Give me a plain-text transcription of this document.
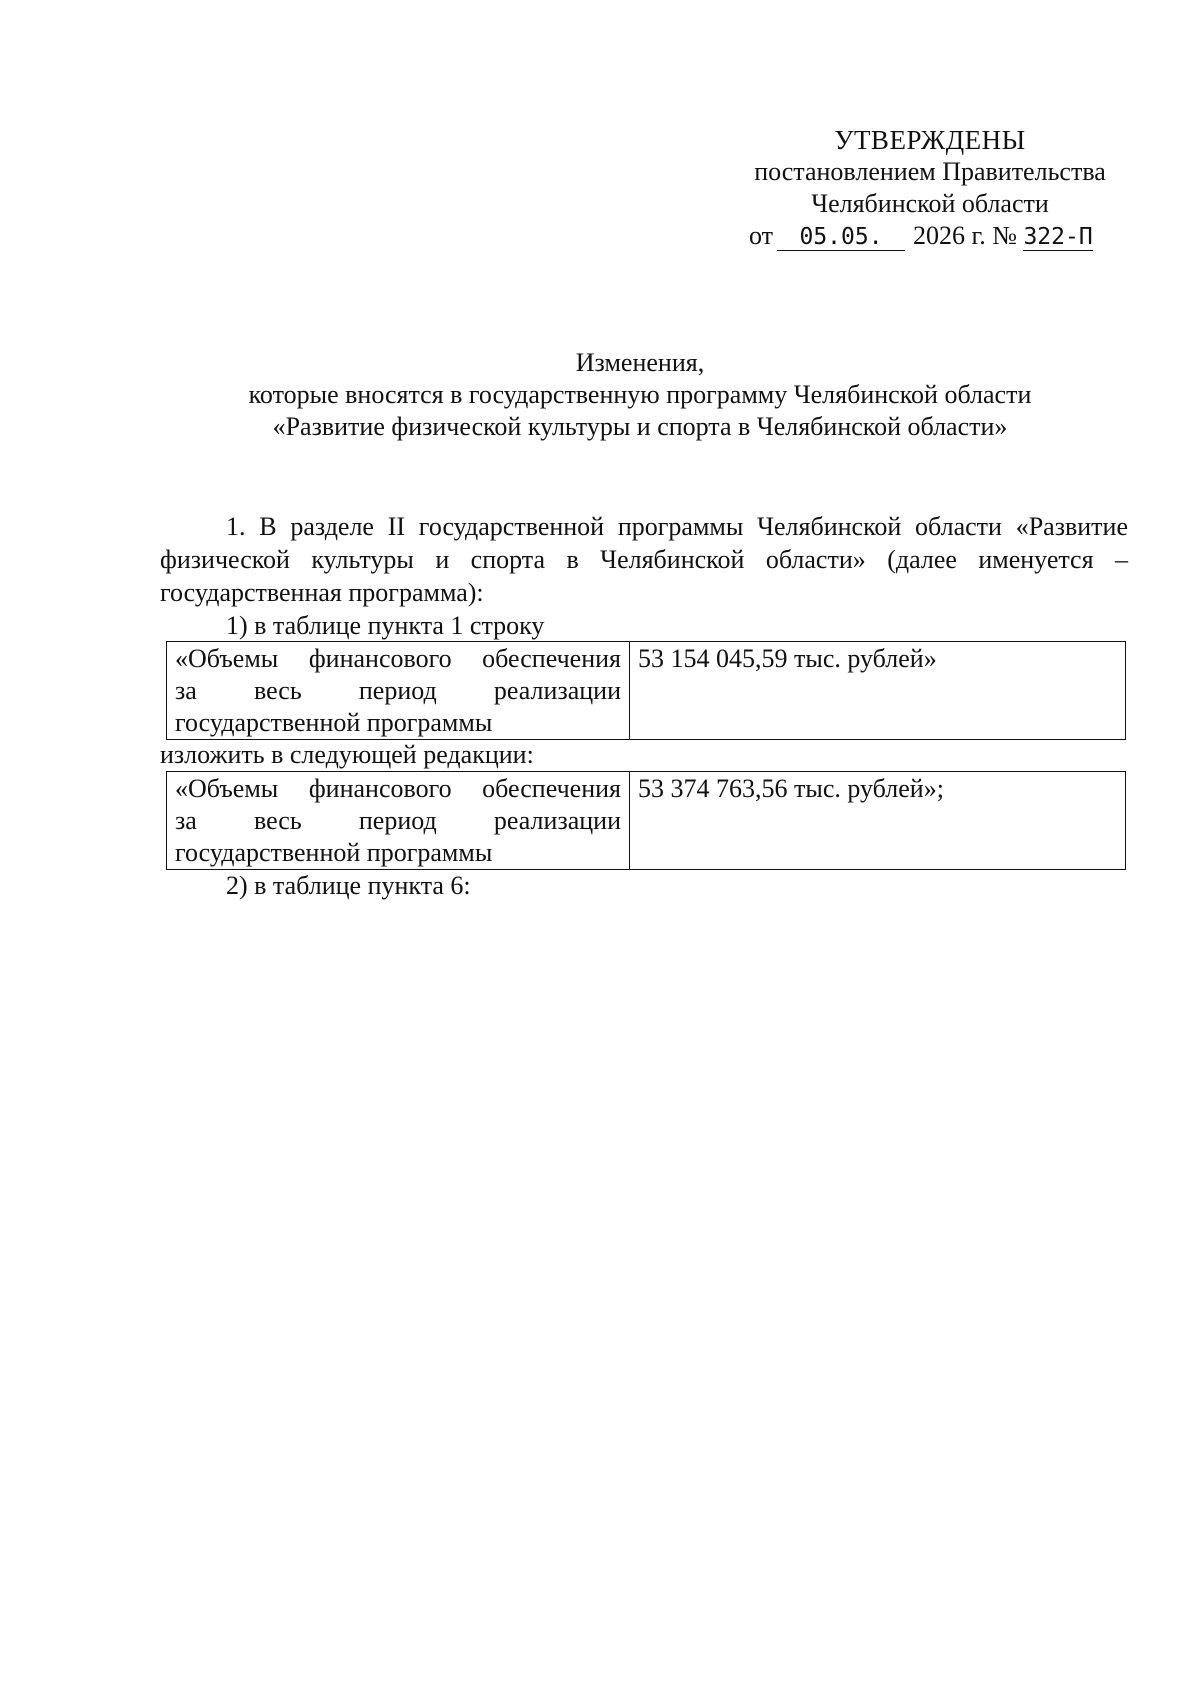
УТВЕРЖДЕНЫ
постановлением Правительства
Челябинской области
от 05.05. 2026 г. № 322-П
Изменения,
которые вносятся в государственную программу Челябинской области
«Развитие физической культуры и спорта в Челябинской области»
1. В разделе II государственной программы Челябинской области «Развитие физической культуры и спорта в Челябинской области» (далее именуется – государственная программа):
1) в таблице пункта 1 строку
«Объемы финансового обеспечения
за весь период реализации
государственной программы
	53 154 045,59 тыс. рублей»
изложить в следующей редакции:
«Объемы финансового обеспечения
за весь период реализации
государственной программы
	53 374 763,56 тыс. рублей»;
2) в таблице пункта 6:
